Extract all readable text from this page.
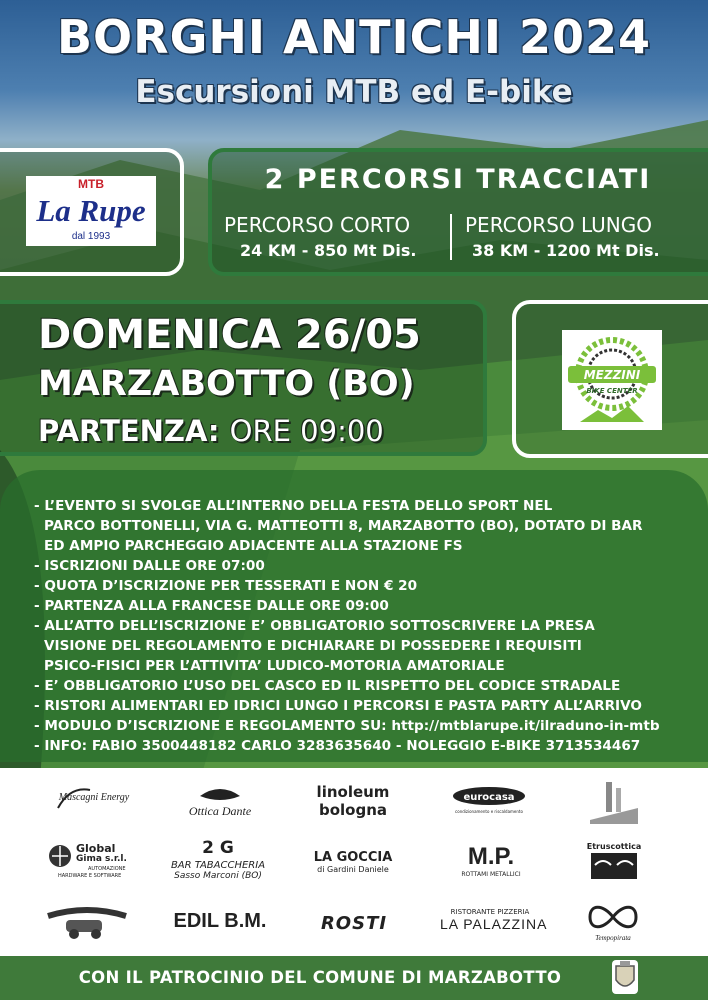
BORGHI ANTICHI 2024
Escursioni MTB ed E-bike
MTB
La Rupe
dal 1993
2 PERCORSI TRACCIATI
PERCORSO CORTO
24 KM - 850 Mt Dis.
PERCORSO LUNGO
38 KM - 1200 Mt Dis.
DOMENICA 26/05
MARZABOTTO (BO)
PARTENZA: ORE 09:00
MEZZINI
BIKE CENTER
- L’EVENTO SI SVOLGE ALL’INTERNO DELLA FESTA DELLO SPORT NEL
PARCO BOTTONELLI, VIA G. MATTEOTTI 8, MARZABOTTO (BO), DOTATO DI BAR
ED AMPIO PARCHEGGIO ADIACENTE ALLA STAZIONE FS
- ISCRIZIONI DALLE ORE 07:00
- QUOTA D’ISCRIZIONE PER TESSERATI E NON € 20
- PARTENZA ALLA FRANCESE DALLE ORE 09:00
- ALL’ATTO DELL’ISCRIZIONE E’ OBBLIGATORIO SOTTOSCRIVERE LA PRESA
VISIONE DEL REGOLAMENTO E DICHIARARE DI POSSEDERE I REQUISITI
PSICO-FISICI PER L’ATTIVITA’ LUDICO-MOTORIA AMATORIALE
- E’ OBBLIGATORIO L’USO DEL CASCO ED IL RISPETTO DEL CODICE STRADALE
- RISTORI ALIMENTARI ED IDRICI LUNGO I PERCORSI E PASTA PARTY ALL’ARRIVO
- MODULO D’ISCRIZIONE E REGOLAMENTO SU: http://mtblarupe.it/ilraduno-in-mtb
- INFO: FABIO 3500448182 CARLO 3283635640 - NOLEGGIO E-BIKE 3713534467
Mascagni Energy
Ottica Dante
linoleum
bologna
eurocasa
condizionamento e riscaldamento
Global
Gima s.r.l.
AUTOMAZIONE
HARDWARE E SOFTWARE
2 G
BAR TABACCHERIA
Sasso Marconi (BO)
LA GOCCIA
di Gardini Daniele	M.P.
ROTTAMI METALLICI
Etruscottica
EDIL B.M.	ROSTI
RISTORANTE PIZZERIA
LA PALAZZINA
Tempopirata
CON IL PATROCINIO DEL COMUNE DI MARZABOTTO
